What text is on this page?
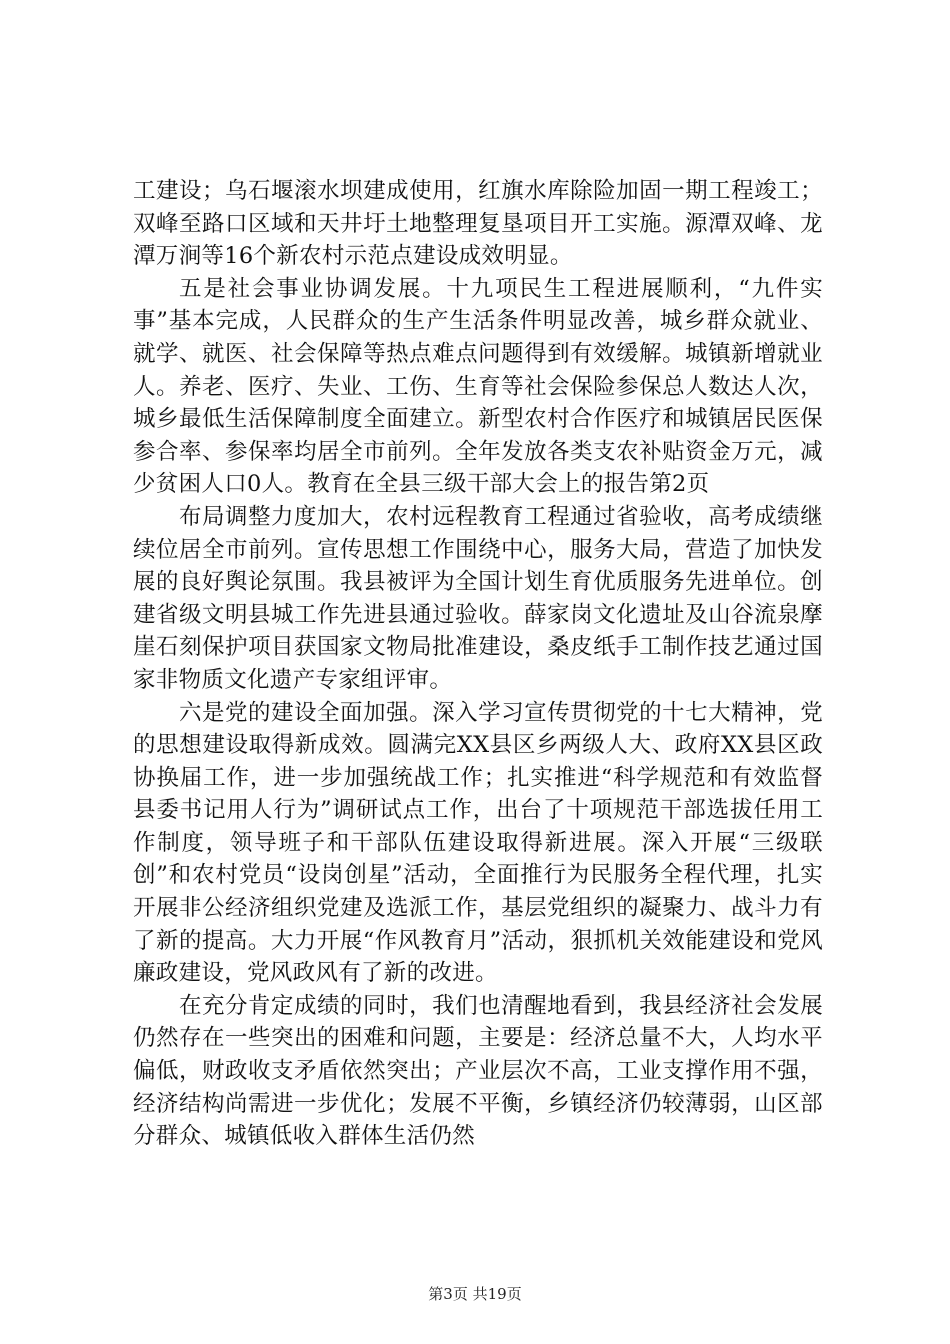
工建设；乌石堰滚水坝建成使用，红旗水库除险加固一期工程竣工；双峰至路口区域和天井圩土地整理复垦项目开工实施。源潭双峰、龙潭万涧等16个新农村示范点建设成效明显。

五是社会事业协调发展。十九项民生工程进展顺利，“九件实事”基本完成，人民群众的生产生活条件明显改善，城乡群众就业、就学、就医、社会保障等热点难点问题得到有效缓解。城镇新增就业人。养老、医疗、失业、工伤、生育等社会保险参保总人数达人次，城乡最低生活保障制度全面建立。新型农村合作医疗和城镇居民医保参合率、参保率均居全市前列。全年发放各类支农补贴资金万元，减少贫困人口0人。教育在全县三级干部大会上的报告第2页

布局调整力度加大，农村远程教育工程通过省验收，高考成绩继续位居全市前列。宣传思想工作围绕中心，服务大局，营造了加快发展的良好舆论氛围。我县被评为全国计划生育优质服务先进单位。创建省级文明县城工作先进县通过验收。薛家岗文化遗址及山谷流泉摩崖石刻保护项目获国家文物局批准建设，桑皮纸手工制作技艺通过国家非物质文化遗产专家组评审。

六是党的建设全面加强。深入学习宣传贯彻党的十七大精神，党的思想建设取得新成效。圆满完XX县区乡两级人大、政府XX县区政协换届工作，进一步加强统战工作；扎实推进“科学规范和有效监督县委书记用人行为”调研试点工作，出台了十项规范干部选拔任用工作制度，领导班子和干部队伍建设取得新进展。深入开展“三级联创”和农村党员“设岗创星”活动，全面推行为民服务全程代理，扎实开展非公经济组织党建及选派工作，基层党组织的凝聚力、战斗力有了新的提高。大力开展“作风教育月”活动，狠抓机关效能建设和党风廉政建设，党风政风有了新的改进。

在充分肯定成绩的同时，我们也清醒地看到，我县经济社会发展仍然存在一些突出的困难和问题，主要是：经济总量不大，人均水平偏低，财政收支矛盾依然突出；产业层次不高，工业支撑作用不强，经济结构尚需进一步优化；发展不平衡，乡镇经济仍较薄弱，山区部分群众、城镇低收入群体生活仍然

第3页 共19页
